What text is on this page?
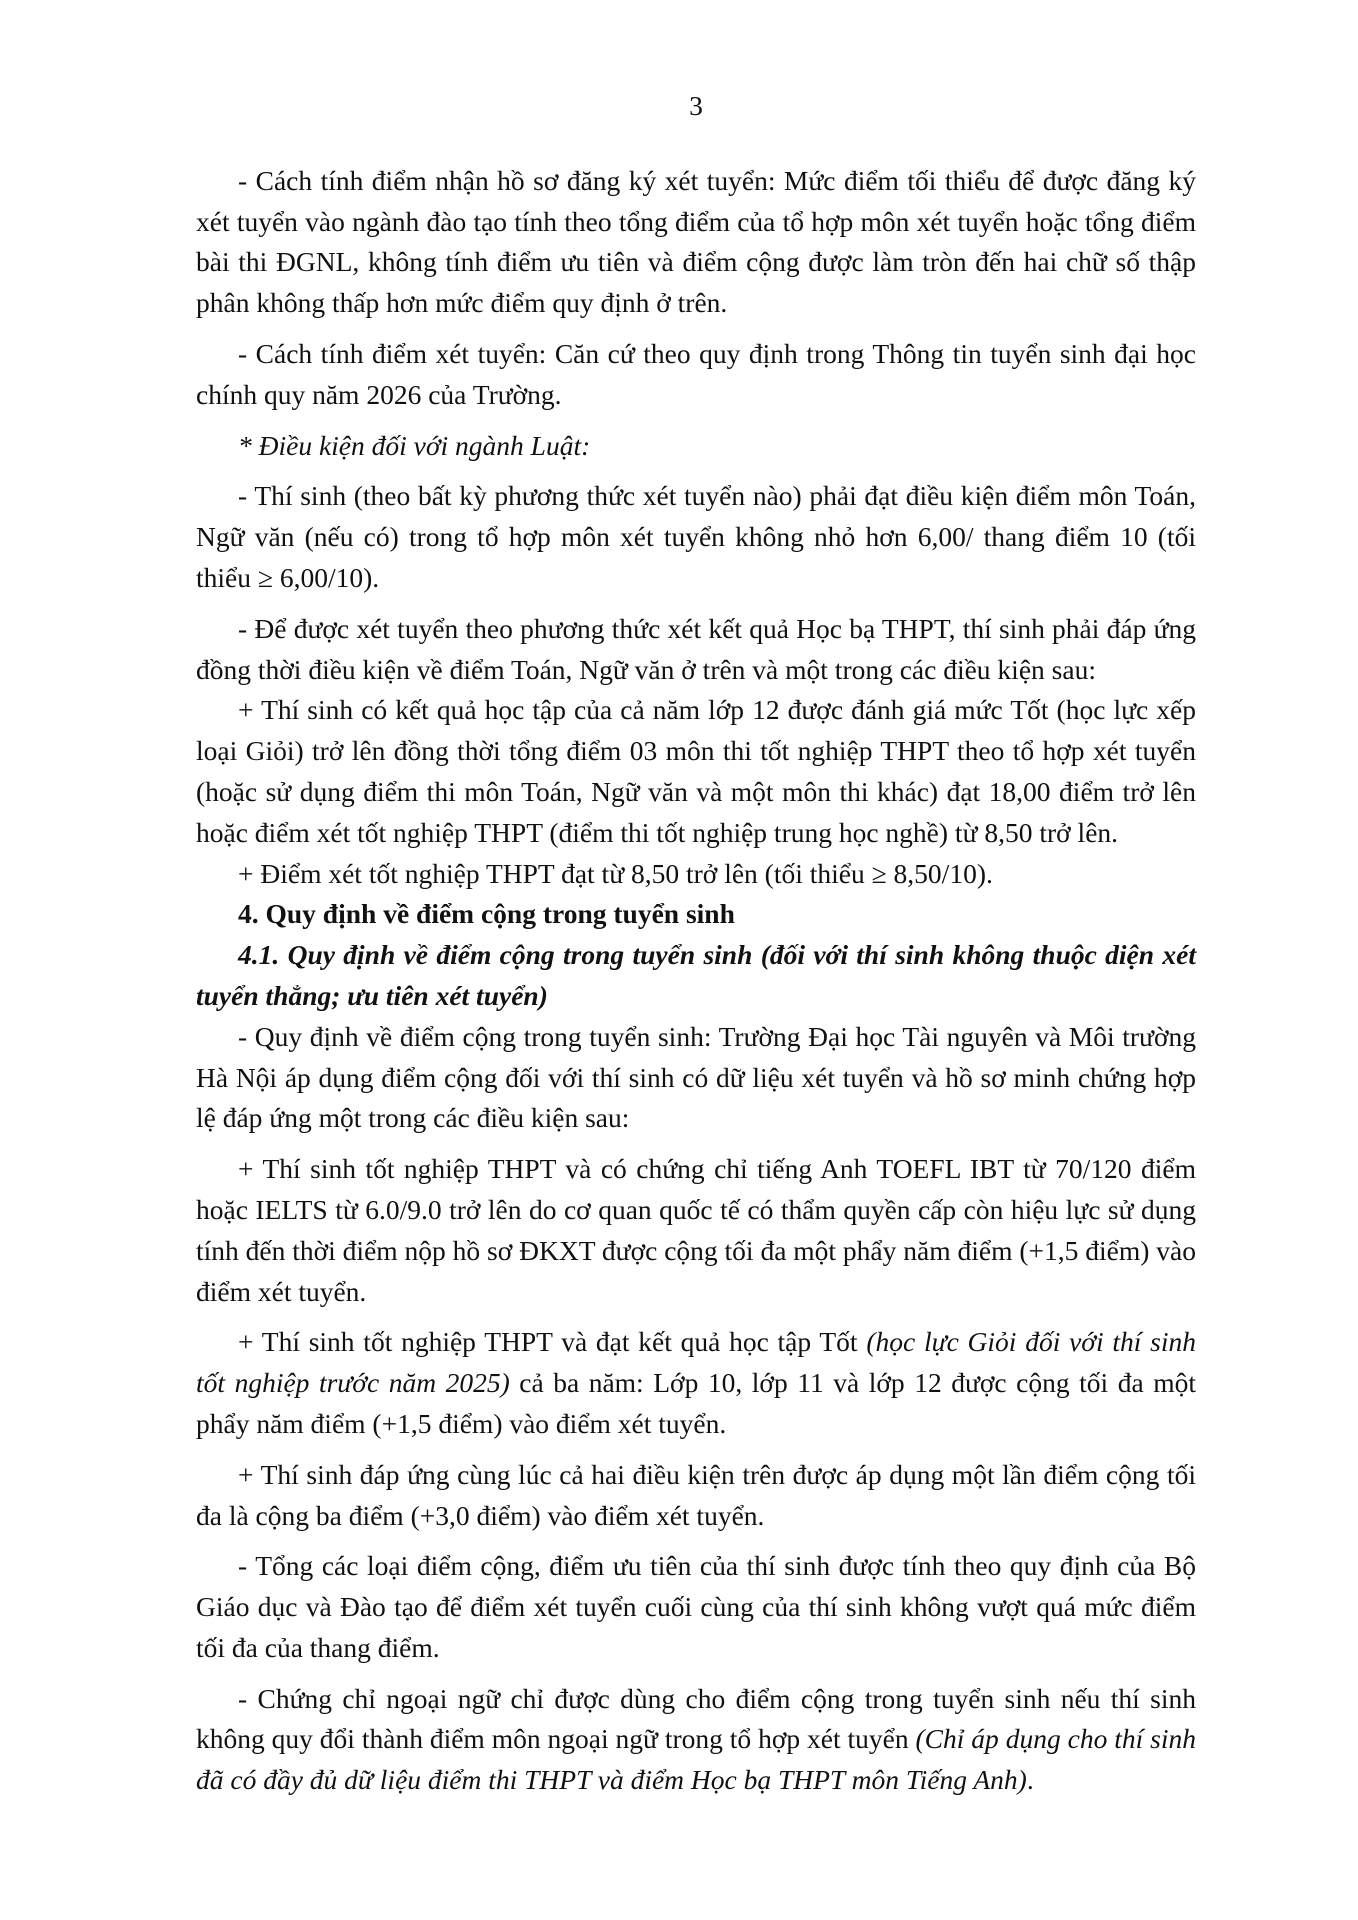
3

- Cách tính điểm nhận hồ sơ đăng ký xét tuyển: Mức điểm tối thiểu để được đăng ký xét tuyển vào ngành đào tạo tính theo tổng điểm của tổ hợp môn xét tuyển hoặc tổng điểm bài thi ĐGNL, không tính điểm ưu tiên và điểm cộng được làm tròn đến hai chữ số thập phân không thấp hơn mức điểm quy định ở trên.

- Cách tính điểm xét tuyển: Căn cứ theo quy định trong Thông tin tuyển sinh đại học chính quy năm 2026 của Trường.

* Điều kiện đối với ngành Luật:

- Thí sinh (theo bất kỳ phương thức xét tuyển nào) phải đạt điều kiện điểm môn Toán, Ngữ văn (nếu có) trong tổ hợp môn xét tuyển không nhỏ hơn 6,00/ thang điểm 10 (tối thiểu ≥ 6,00/10).

- Để được xét tuyển theo phương thức xét kết quả Học bạ THPT, thí sinh phải đáp ứng đồng thời điều kiện về điểm Toán, Ngữ văn ở trên và một trong các điều kiện sau:

+ Thí sinh có kết quả học tập của cả năm lớp 12 được đánh giá mức Tốt (học lực xếp loại Giỏi) trở lên đồng thời tổng điểm 03 môn thi tốt nghiệp THPT theo tổ hợp xét tuyển (hoặc sử dụng điểm thi môn Toán, Ngữ văn và một môn thi khác) đạt 18,00 điểm trở lên hoặc điểm xét tốt nghiệp THPT (điểm thi tốt nghiệp trung học nghề) từ 8,50 trở lên.

+ Điểm xét tốt nghiệp THPT đạt từ 8,50 trở lên (tối thiểu ≥ 8,50/10).

4. Quy định về điểm cộng trong tuyển sinh

4.1. Quy định về điểm cộng trong tuyển sinh (đối với thí sinh không thuộc diện xét tuyển thẳng; ưu tiên xét tuyển)

- Quy định về điểm cộng trong tuyển sinh: Trường Đại học Tài nguyên và Môi trường Hà Nội áp dụng điểm cộng đối với thí sinh có dữ liệu xét tuyển và hồ sơ minh chứng hợp lệ đáp ứng một trong các điều kiện sau:

+ Thí sinh tốt nghiệp THPT và có chứng chỉ tiếng Anh TOEFL IBT từ 70/120 điểm hoặc IELTS từ 6.0/9.0 trở lên do cơ quan quốc tế có thẩm quyền cấp còn hiệu lực sử dụng tính đến thời điểm nộp hồ sơ ĐKXT được cộng tối đa một phẩy năm điểm (+1,5 điểm) vào điểm xét tuyển.

+ Thí sinh tốt nghiệp THPT và đạt kết quả học tập Tốt (học lực Giỏi đối với thí sinh tốt nghiệp trước năm 2025) cả ba năm: Lớp 10, lớp 11 và lớp 12 được cộng tối đa một phẩy năm điểm (+1,5 điểm) vào điểm xét tuyển.

+ Thí sinh đáp ứng cùng lúc cả hai điều kiện trên được áp dụng một lần điểm cộng tối đa là cộng ba điểm (+3,0 điểm) vào điểm xét tuyển.

- Tổng các loại điểm cộng, điểm ưu tiên của thí sinh được tính theo quy định của Bộ Giáo dục và Đào tạo để điểm xét tuyển cuối cùng của thí sinh không vượt quá mức điểm tối đa của thang điểm.

- Chứng chỉ ngoại ngữ chỉ được dùng cho điểm cộng trong tuyển sinh nếu thí sinh không quy đổi thành điểm môn ngoại ngữ trong tổ hợp xét tuyển (Chỉ áp dụng cho thí sinh đã có đầy đủ dữ liệu điểm thi THPT và điểm Học bạ THPT môn Tiếng Anh).
